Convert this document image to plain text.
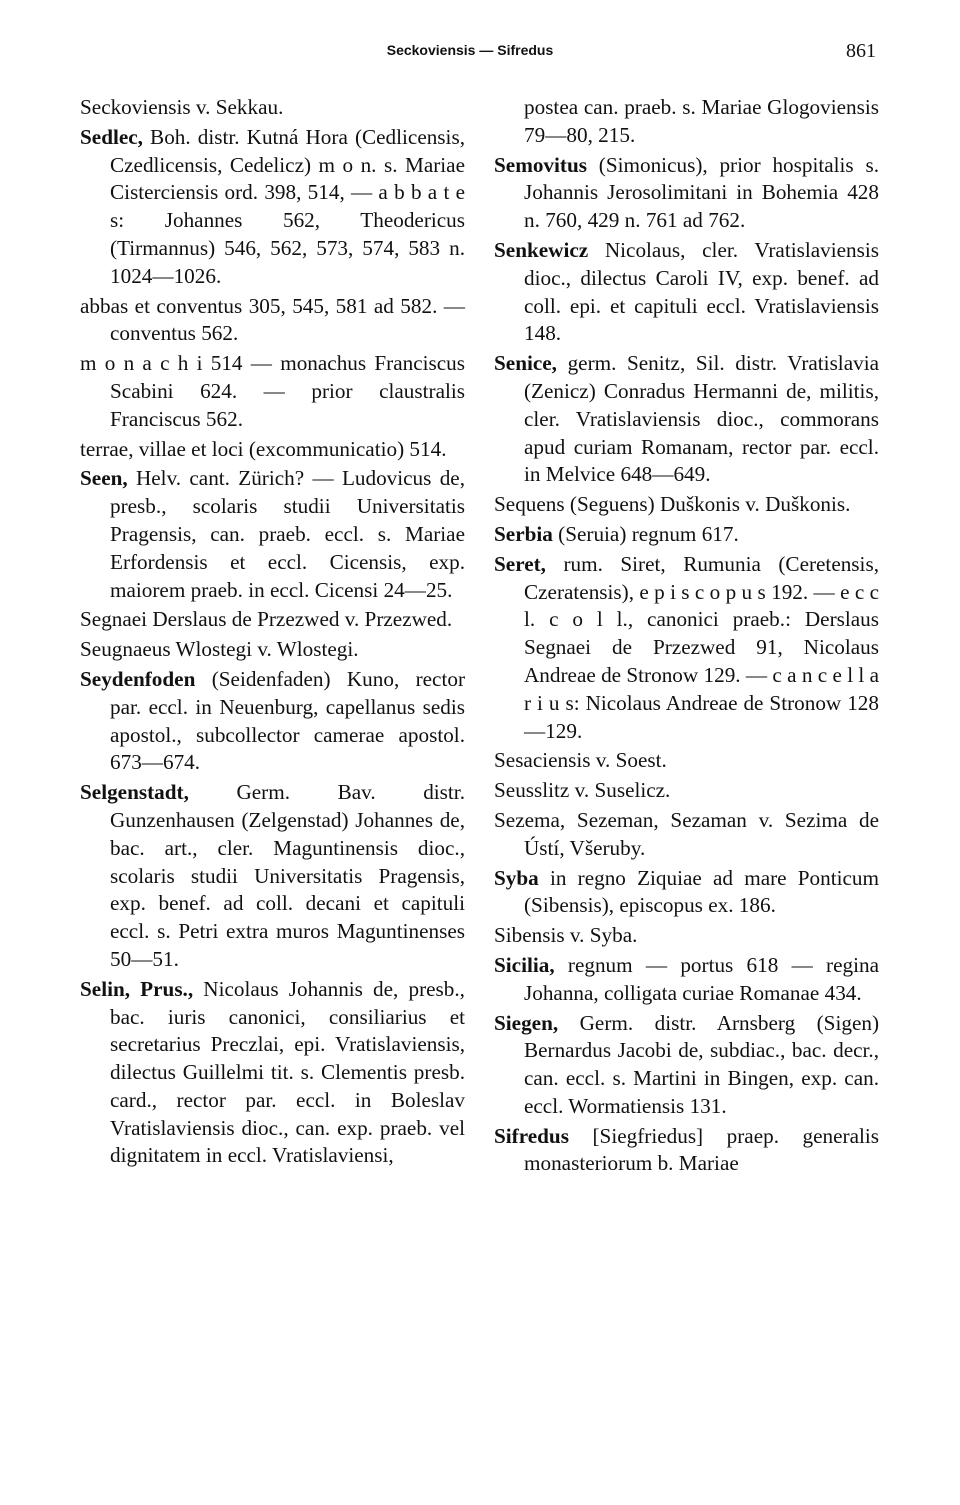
Seckoviensis — Sifredus	861

Seckoviensis v. Sekkau.

Sedlec, Boh. distr. Kutná Hora (Cedlicensis, Czedlicensis, Cedelicz) m o n. s. Mariae Cisterciensis ord. 398, 514, — a b b a t e s: Johannes 562, Theodericus (Tirmannus) 546, 562, 573, 574, 583 n. 1024—1026.

abbas et conventus 305, 545, 581 ad 582. — conventus 562.

m o n a c h i 514 — monachus Franciscus Scabini 624. — prior claustralis Franciscus 562.

terrae, villae et loci (excommunicatio) 514.

Seen, Helv. cant. Zürich? — Ludovicus de, presb., scolaris studii Universitatis Pragensis, can. praeb. eccl. s. Mariae Erfordensis et eccl. Cicensis, exp. maiorem praeb. in eccl. Cicensi 24—25.

Segnaei Derslaus de Przezwed v. Przezwed.

Seugnaeus Wlostegi v. Wlostegi.

Seydenfoden (Seidenfaden) Kuno, rector par. eccl. in Neuenburg, capellanus sedis apostol., subcollector camerae apostol. 673—674.

Selgenstadt, Germ. Bav. distr. Gunzenhausen (Zelgenstad) Johannes de, bac. art., cler. Maguntinensis dioc., scolaris studii Universitatis Pragensis, exp. benef. ad coll. decani et capituli eccl. s. Petri extra muros Maguntinenses 50—51.

Selin, Prus., Nicolaus Johannis de, presb., bac. iuris canonici, consiliarius et secretarius Preczlai, epi. Vratislaviensis, dilectus Guillelmi tit. s. Clementis presb. card., rector par. eccl. in Boleslav Vratislaviensis dioc., can. exp. praeb. vel dignitatem in eccl. Vratislaviensi,

postea can. praeb. s. Mariae Glogoviensis 79—80, 215.

Semovitus (Simonicus), prior hospitalis s. Johannis Jerosolimitani in Bohemia 428 n. 760, 429 n. 761 ad 762.

Senkewicz Nicolaus, cler. Vratislaviensis dioc., dilectus Caroli IV, exp. benef. ad coll. epi. et capituli eccl. Vratislaviensis 148.

Senice, germ. Senitz, Sil. distr. Vratislavia (Zenicz) Conradus Hermanni de, militis, cler. Vratislaviensis dioc., commorans apud curiam Romanam, rector par. eccl. in Melvice 648—649.

Sequens (Seguens) Duškonis v. Duškonis.

Serbia (Seruia) regnum 617.

Seret, rum. Siret, Rumunia (Ceretensis, Czeratensis), e p i s c o p u s 192. — e c c l. c o l l., canonici praeb.: Derslaus Segnaei de Przezwed 91, Nicolaus Andreae de Stronow 129. — c a n c e l l a r i u s: Nicolaus Andreae de Stronow 128—129.

Sesaciensis v. Soest.

Seusslitz v. Suselicz.

Sezema, Sezeman, Sezaman v. Sezima de Ústí, Všeruby.

Syba in regno Ziquiae ad mare Ponticum (Sibensis), episcopus ex. 186.

Sibensis v. Syba.

Sicilia, regnum — portus 618 — regina Johanna, colligata curiae Romanae 434.

Siegen, Germ. distr. Arnsberg (Sigen) Bernardus Jacobi de, subdiac., bac. decr., can. eccl. s. Martini in Bingen, exp. can. eccl. Wormatiensis 131.

Sifredus [Siegfriedus] praep. generalis monasteriorum b. Mariae
